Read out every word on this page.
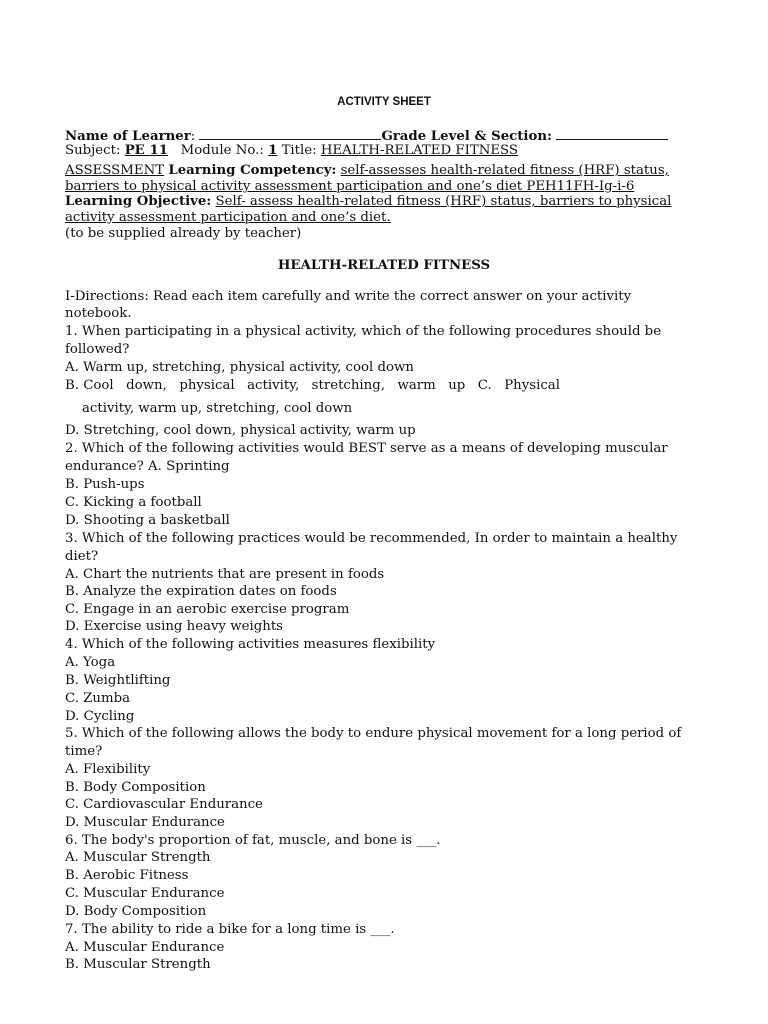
ACTIVITY SHEET
Name of Learner:	Grade Level & Section:
Subject: PE 11 Module No.: 1 Title: HEALTH-RELATED FITNESS
ASSESSMENT Learning Competency: self-assesses health-related fitness (HRF) status,
barriers to physical activity assessment participation and one’s diet PEH11FH-Ig-i-6
Learning Objective: Self- assess health-related fitness (HRF) status, barriers to physical
activity assessment participation and one’s diet.
(to be supplied already by teacher)
HEALTH-RELATED FITNESS
I-Directions: Read each item carefully and write the correct answer on your activity
notebook.
1. When participating in a physical activity, which of the following procedures should be
followed?
A. Warm up, stretching, physical activity, cool down
B. Cool down, physical activity, stretching, warm up C. Physical
activity, warm up, stretching, cool down
D. Stretching, cool down, physical activity, warm up
2. Which of the following activities would BEST serve as a means of developing muscular
endurance? A. Sprinting
B. Push-ups
C. Kicking a football
D. Shooting a basketball
3. Which of the following practices would be recommended, In order to maintain a healthy
diet?
A. Chart the nutrients that are present in foods
B. Analyze the expiration dates on foods
C. Engage in an aerobic exercise program
D. Exercise using heavy weights
4. Which of the following activities measures flexibility
A. Yoga
B. Weightlifting
C. Zumba
D. Cycling
5. Which of the following allows the body to endure physical movement for a long period of
time?
A. Flexibility
B. Body Composition
C. Cardiovascular Endurance
D. Muscular Endurance
6. The body's proportion of fat, muscle, and bone is ___.
A. Muscular Strength
B. Aerobic Fitness
C. Muscular Endurance
D. Body Composition
7. The ability to ride a bike for a long time is ___.
A. Muscular Endurance
B. Muscular Strength
